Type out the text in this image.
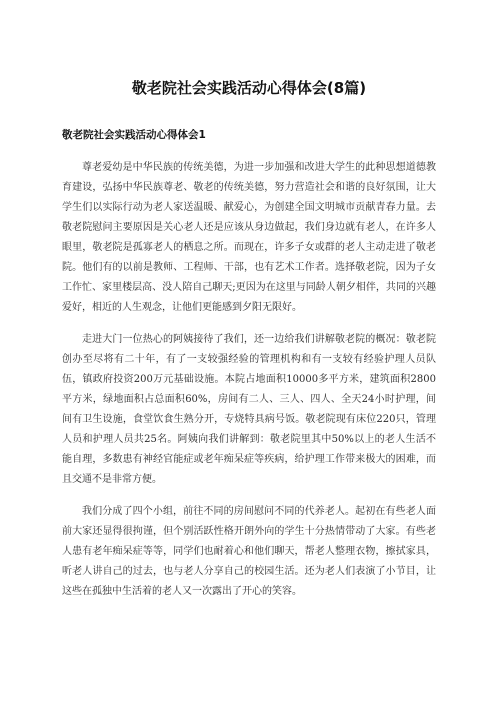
敬老院社会实践活动心得体会(8篇)
敬老院社会实践活动心得体会1

尊老爱幼是中华民族的传统美德，为进一步加强和改进大学生的此种思想道德教育建设，弘扬中华民族尊老、敬老的传统美德，努力营造社会和谐的良好氛围，让大学生们以实际行动为老人家送温暖、献爱心，为创建全国文明城市贡献青春力量。去敬老院慰问主要原因是关心老人还是应该从身边做起，我们身边就有老人，在许多人眼里，敬老院是孤寡老人的栖息之所。而现在，许多子女或群的老人主动走进了敬老院。他们有的以前是教师、工程师、干部，也有艺术工作者。选择敬老院，因为子女工作忙、家里楼层高、没人陪自己聊天;更因为在这里与同龄人朝夕相伴，共同的兴趣爱好，相近的人生观念，让他们更能感到夕阳无限好。

走进大门一位热心的阿姨接待了我们，还一边给我们讲解敬老院的概况：敬老院创办至尽将有二十年，有了一支较强经验的管理机构和有一支较有经验护理人员队伍，镇政府投资200万元基础设施。本院占地面积10000多平方米，建筑面积2800平方米，绿地面积占总面积60%，房间有二人、三人、四人、全天24小时护理，间间有卫生设施，食堂饮食生熟分开，专烧特具病号饭。敬老院现有床位220只，管理人员和护理人员共25名。阿姨向我们讲解到：敬老院里其中50%以上的老人生活不能自理，多数患有神经官能症或老年痴呆症等疾病，给护理工作带来极大的困难，而且交通不是非常方便。

我们分成了四个小组，前往不同的房间慰问不同的代养老人。起初在有些老人面前大家还显得很拘谨，但个别活跃性格开朗外向的学生十分热情带动了大家。有些老人患有老年痴呆症等等，同学们也耐着心和他们聊天，帮老人整理衣物，擦拭家具，听老人讲自己的过去，也与老人分享自己的校园生活。还为老人们表演了小节目，让这些在孤独中生活着的老人又一次露出了开心的笑容。
